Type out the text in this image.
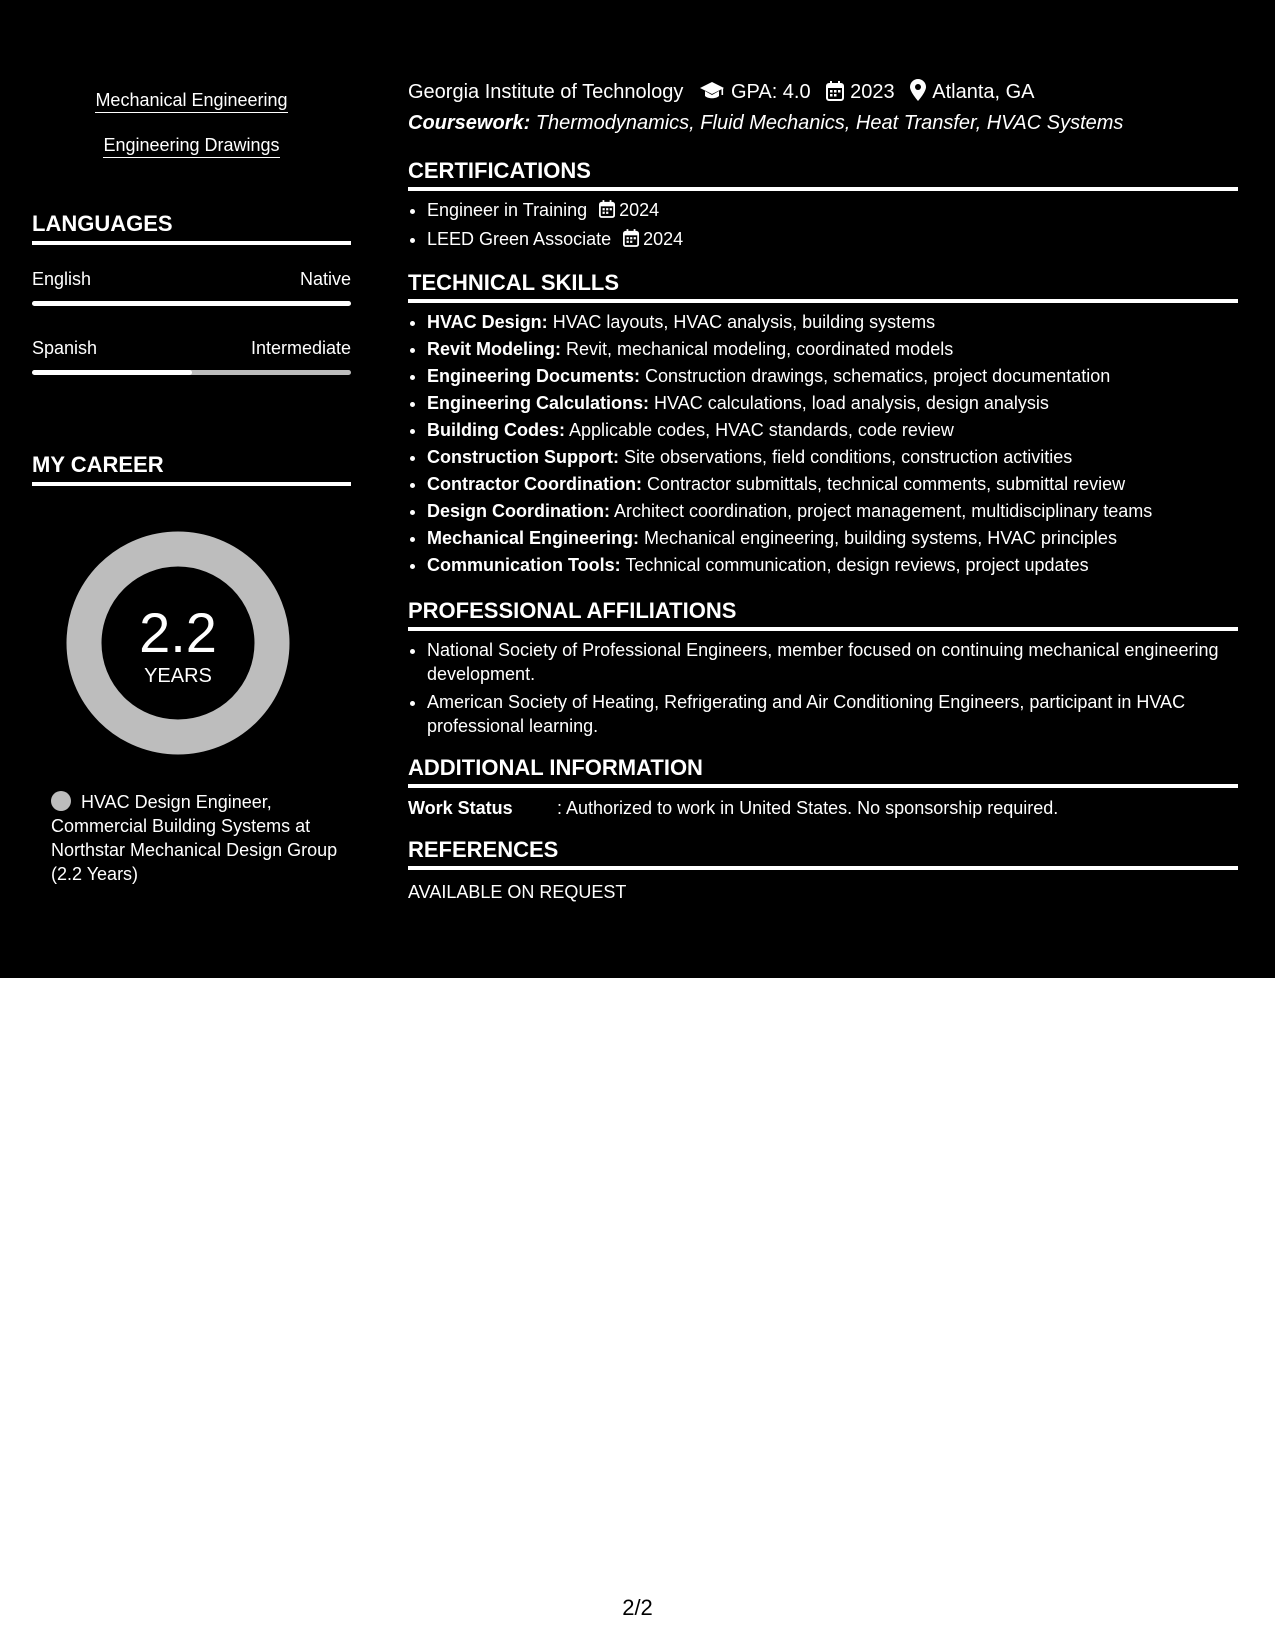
Mechanical Engineering
Engineering Drawings
LANGUAGES
English	Native
Spanish	Intermediate
MY CAREER
2.2
YEARS
HVAC Design Engineer, Commercial Building Systems at Northstar Mechanical Design Group (2.2 Years)
Georgia Institute of Technology GPA: 4.0 2023 Atlanta, GA
Coursework: Thermodynamics, Fluid Mechanics, Heat Transfer, HVAC Systems
CERTIFICATIONS
• Engineer in Training 2024
• LEED Green Associate 2024
TECHNICAL SKILLS
• HVAC Design: HVAC layouts, HVAC analysis, building systems
• Revit Modeling: Revit, mechanical modeling, coordinated models
• Engineering Documents: Construction drawings, schematics, project documentation
• Engineering Calculations: HVAC calculations, load analysis, design analysis
• Building Codes: Applicable codes, HVAC standards, code review
• Construction Support: Site observations, field conditions, construction activities
• Contractor Coordination: Contractor submittals, technical comments, submittal review
• Design Coordination: Architect coordination, project management, multidisciplinary teams
• Mechanical Engineering: Mechanical engineering, building systems, HVAC principles
• Communication Tools: Technical communication, design reviews, project updates
PROFESSIONAL AFFILIATIONS
• National Society of Professional Engineers, member focused on continuing mechanical engineering development.
• American Society of Heating, Refrigerating and Air Conditioning Engineers, participant in HVAC professional learning.
ADDITIONAL INFORMATION
Work Status : Authorized to work in United States. No sponsorship required.
REFERENCES
AVAILABLE ON REQUEST
2/2
